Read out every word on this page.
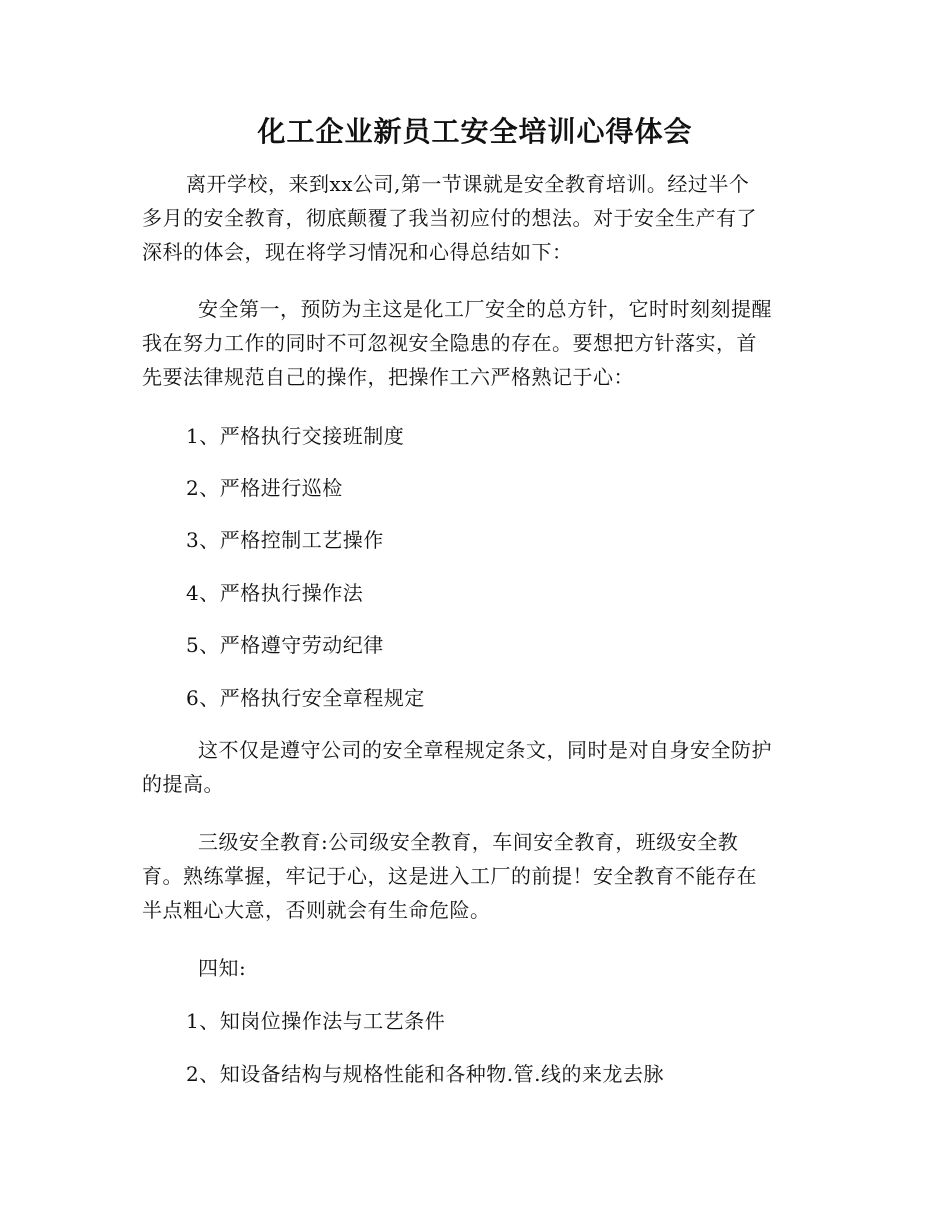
化工企业新员工安全培训心得体会
离开学校，来到xx公司,第一节课就是安全教育培训。经过半个
多月的安全教育，彻底颠覆了我当初应付的想法。对于安全生产有了
深科的体会，现在将学习情况和心得总结如下：
安全第一，预防为主这是化工厂安全的总方针，它时时刻刻提醒
我在努力工作的同时不可忽视安全隐患的存在。要想把方针落实，首
先要法律规范自己的操作，把操作工六严格熟记于心：
1、严格执行交接班制度
2、严格进行巡检
3、严格控制工艺操作
4、严格执行操作法
5、严格遵守劳动纪律
6、严格执行安全章程规定
这不仅是遵守公司的安全章程规定条文，同时是对自身安全防护
的提高。
三级安全教育:公司级安全教育，车间安全教育，班级安全教
育。熟练掌握，牢记于心，这是进入工厂的前提！安全教育不能存在
半点粗心大意，否则就会有生命危险。
四知:
1、知岗位操作法与工艺条件
2、知设备结构与规格性能和各种物.管.线的来龙去脉
